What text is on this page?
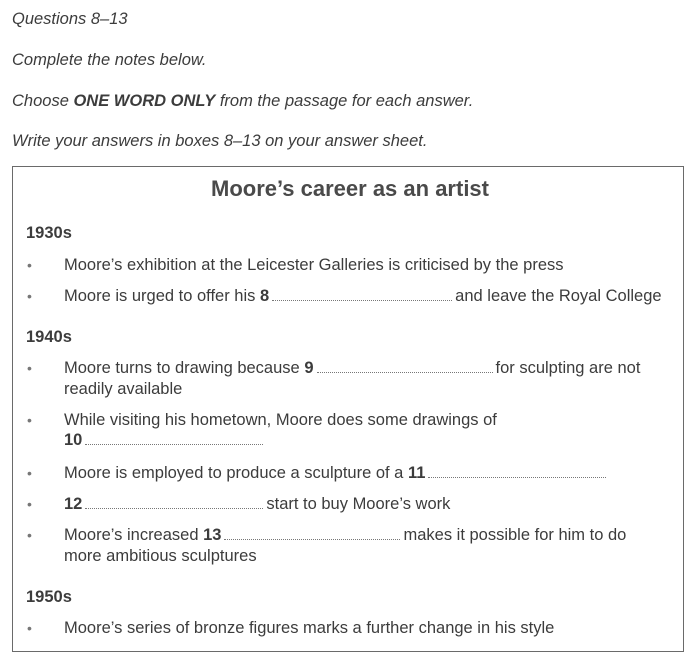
Questions 8–13
Complete the notes below.
Choose ONE WORD ONLY from the passage for each answer.
Write your answers in boxes 8–13 on your answer sheet.
Moore’s career as an artist
1930s
• Moore’s exhibition at the Leicester Galleries is criticised by the press
• Moore is urged to offer his 8	and leave the Royal College
1940s
• Moore turns to drawing because 9	for sculpting are not
readily available
• While visiting his hometown, Moore does some drawings of
10
• Moore is employed to produce a sculpture of a 11
• 12	start to buy Moore’s work
• Moore’s increased 13	makes it possible for him to do
more ambitious sculptures
1950s
• Moore’s series of bronze figures marks a further change in his style
